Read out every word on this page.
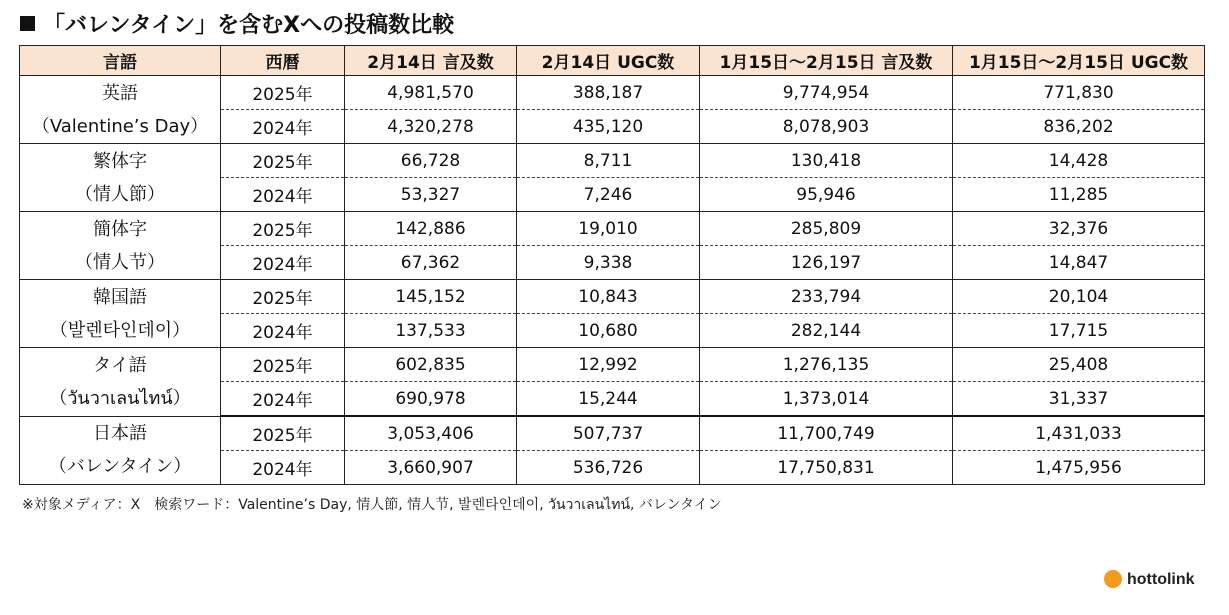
「バレンタイン」を含むXへの投稿数比較
言語	西暦	2月14日 言及数	2月14日 UGC数	1月15日〜2月15日 言及数	1月15日〜2月15日 UGC数

英語
（Valentine’s Day）	2025年	4,981,570	388,187	9,774,954	771,830
	2024年	4,320,278	435,120	8,078,903	836,202

繁体字
（情人節）	2025年	66,728	8,711	130,418	14,428
	2024年	53,327	7,246	95,946	11,285

簡体字
（情人节）	2025年	142,886	19,010	285,809	32,376
	2024年	67,362	9,338	126,197	14,847

韓国語
（발렌타인데이）	2025年	145,152	10,843	233,794	20,104
	2024年	137,533	10,680	282,144	17,715

タイ語
（วันวาเลนไทน์）	2025年	602,835	12,992	1,276,135	25,408
	2024年	690,978	15,244	1,373,014	31,337

日本語
（バレンタイン）	2025年	3,053,406	507,737	11,700,749	1,431,033
	2024年	3,660,907	536,726	17,750,831	1,475,956
※対象メディア：X　検索ワード：Valentine’s Day, 情人節, 情人节, 발렌타인데이, วันวาเลนไทน์, バレンタイン
hottolink
